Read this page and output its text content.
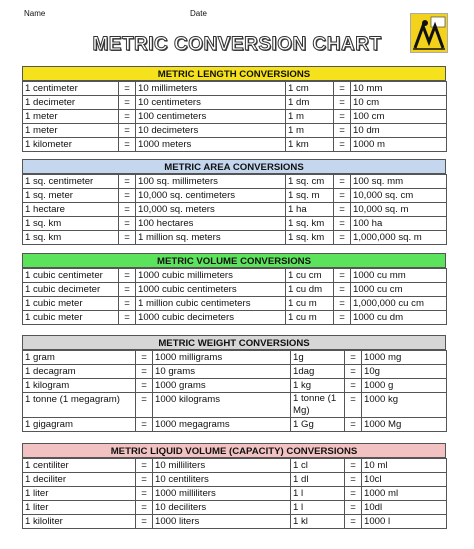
Name	Date
METRIC CONVERSION CHART
METRIC LENGTH CONVERSIONS
1 centimeter	=	10 millimeters	1 cm	=	10 mm
1 decimeter	=	10 centimeters	1 dm	=	10 cm
1 meter	=	100 centimeters	1 m	=	100 cm
1 meter	=	10 decimeters	1 m	=	10 dm
1 kilometer	=	1000 meters	1 km	=	1000 m
METRIC AREA CONVERSIONS
1 sq. centimeter	=	100 sq. millimeters	1 sq. cm	=	100 sq. mm
1 sq. meter	=	10,000 sq. centimeters	1 sq. m	=	10,000 sq. cm
1 hectare	=	10,000 sq. meters	1 ha	=	10,000 sq. m
1 sq. km	=	100 hectares	1 sq. km	=	100 ha
1 sq. km	=	1 million sq. meters	1 sq. km	=	1,000,000 sq. m
METRIC VOLUME CONVERSIONS
1 cubic centimeter	=	1000 cubic millimeters	1 cu cm	=	1000 cu mm
1 cubic decimeter	=	1000 cubic centimeters	1 cu dm	=	1000 cu cm
1 cubic meter	=	1 million cubic centimeters	1 cu m	=	1,000,000 cu cm
1 cubic meter	=	1000 cubic decimeters	1 cu m	=	1000 cu dm
METRIC WEIGHT CONVERSIONS
1 gram	=	1000 milligrams	1g	=	1000 mg
1 decagram	=	10 grams	1dag	=	10g
1 kilogram	=	1000 grams	1 kg	=	1000 g
1 tonne (1 megagram)	=	1000 kilograms	1 tonne (1 Mg)	=	1000 kg
1 gigagram	=	1000 megagrams	1 Gg	=	1000 Mg
METRIC LIQUID VOLUME (CAPACITY) CONVERSIONS
1 centiliter	=	10 milliliters	1 cl	=	10 ml
1 deciliter	=	10 centiliters	1 dl	=	10cl
1 liter	=	1000 milliliters	1 l	=	1000 ml
1 liter	=	10 deciliters	1 l	=	10dl
1 kiloliter	=	1000 liters	1 kl	=	1000 l
